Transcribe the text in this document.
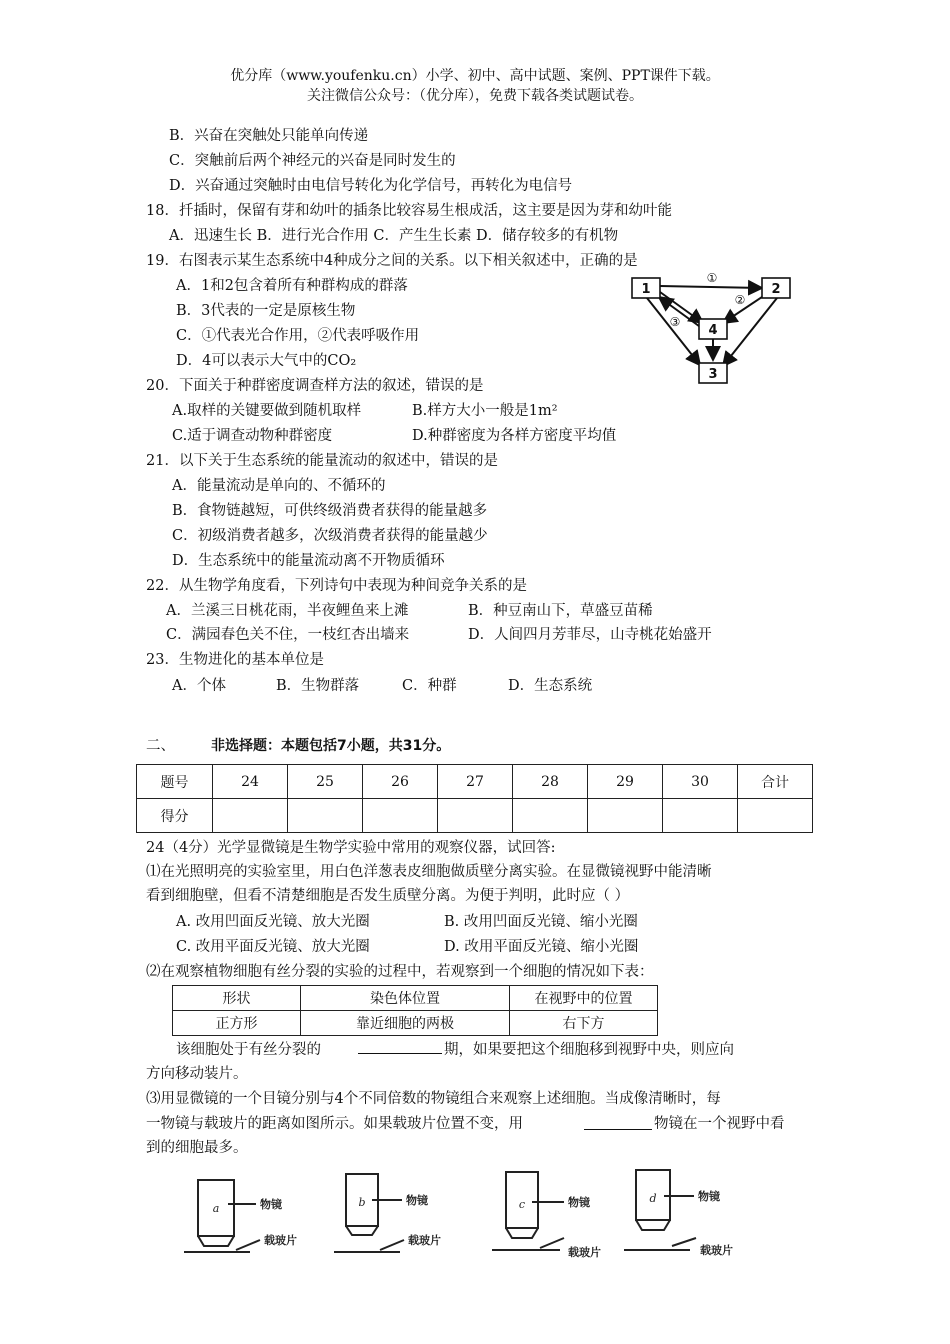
优分库（www.youfenku.cn）小学、初中、高中试题、案例、PPT课件下载。
关注微信公众号：（优分库），免费下载各类试题试卷。
B．兴奋在突触处只能单向传递
C．突触前后两个神经元的兴奋是同时发生的
D．兴奋通过突触时由电信号转化为化学信号，再转化为电信号
18．扦插时，保留有芽和幼叶的插条比较容易生根成活，这主要是因为芽和幼叶能
A．迅速生长 B．进行光合作用 C．产生生长素 D．储存较多的有机物
19．右图表示某生态系统中4种成分之间的关系。以下相关叙述中，正确的是
A．1和2包含着所有种群构成的群落
B．3代表的一定是原核生物
C．①代表光合作用，②代表呼吸作用
D．4可以表示大气中的CO₂
1	2
4
3
①
②
③
20．下面关于种群密度调查样方法的叙述，错误的是
A.取样的关键要做到随机取样	B.样方大小一般是1m²
C.适于调查动物种群密度	D.种群密度为各样方密度平均值
21．以下关于生态系统的能量流动的叙述中，错误的是
A．能量流动是单向的、不循环的
B．食物链越短，可供终级消费者获得的能量越多
C．初级消费者越多，次级消费者获得的能量越少
D．生态系统中的能量流动离不开物质循环
22．从生物学角度看，下列诗句中表现为种间竞争关系的是
A．兰溪三日桃花雨，半夜鲤鱼来上滩	B．种豆南山下，草盛豆苗稀
C．满园春色关不住，一枝红杏出墙来	D．人间四月芳菲尽，山寺桃花始盛开
23．生物进化的基本单位是
A．个体	B．生物群落	C．种群	D．生态系统
二、	非选择题：本题包括7小题，共31分。
题号	24	25	26	27	28	29	30	合计
得分								
24（4分）光学显微镜是生物学实验中常用的观察仪器，试回答:
⑴在光照明亮的实验室里，用白色洋葱表皮细胞做质壁分离实验。在显微镜视野中能清晰
看到细胞壁，但看不清楚细胞是否发生质壁分离。为便于判明，此时应（ ）
A. 改用凹面反光镜、放大光圈	B. 改用凹面反光镜、缩小光圈
C. 改用平面反光镜、放大光圈	D. 改用平面反光镜、缩小光圈
⑵在观察植物细胞有丝分裂的实验的过程中，若观察到一个细胞的情况如下表：
形状	染色体位置	在视野中的位置
正方形	靠近细胞的两极	右下方
该细胞处于有丝分裂的	期，如果要把这个细胞移到视野中央，则应向
方向移动装片。
⑶用显微镜的一个目镜分别与4个不同倍数的物镜组合来观察上述细胞。当成像清晰时，每
一物镜与载玻片的距离如图所示。如果载玻片位置不变，用	物镜在一个视野中看
到的细胞最多。
a	b	c	d
物镜
载玻片
物镜
载玻片
物镜
载玻片
物镜
载玻片
